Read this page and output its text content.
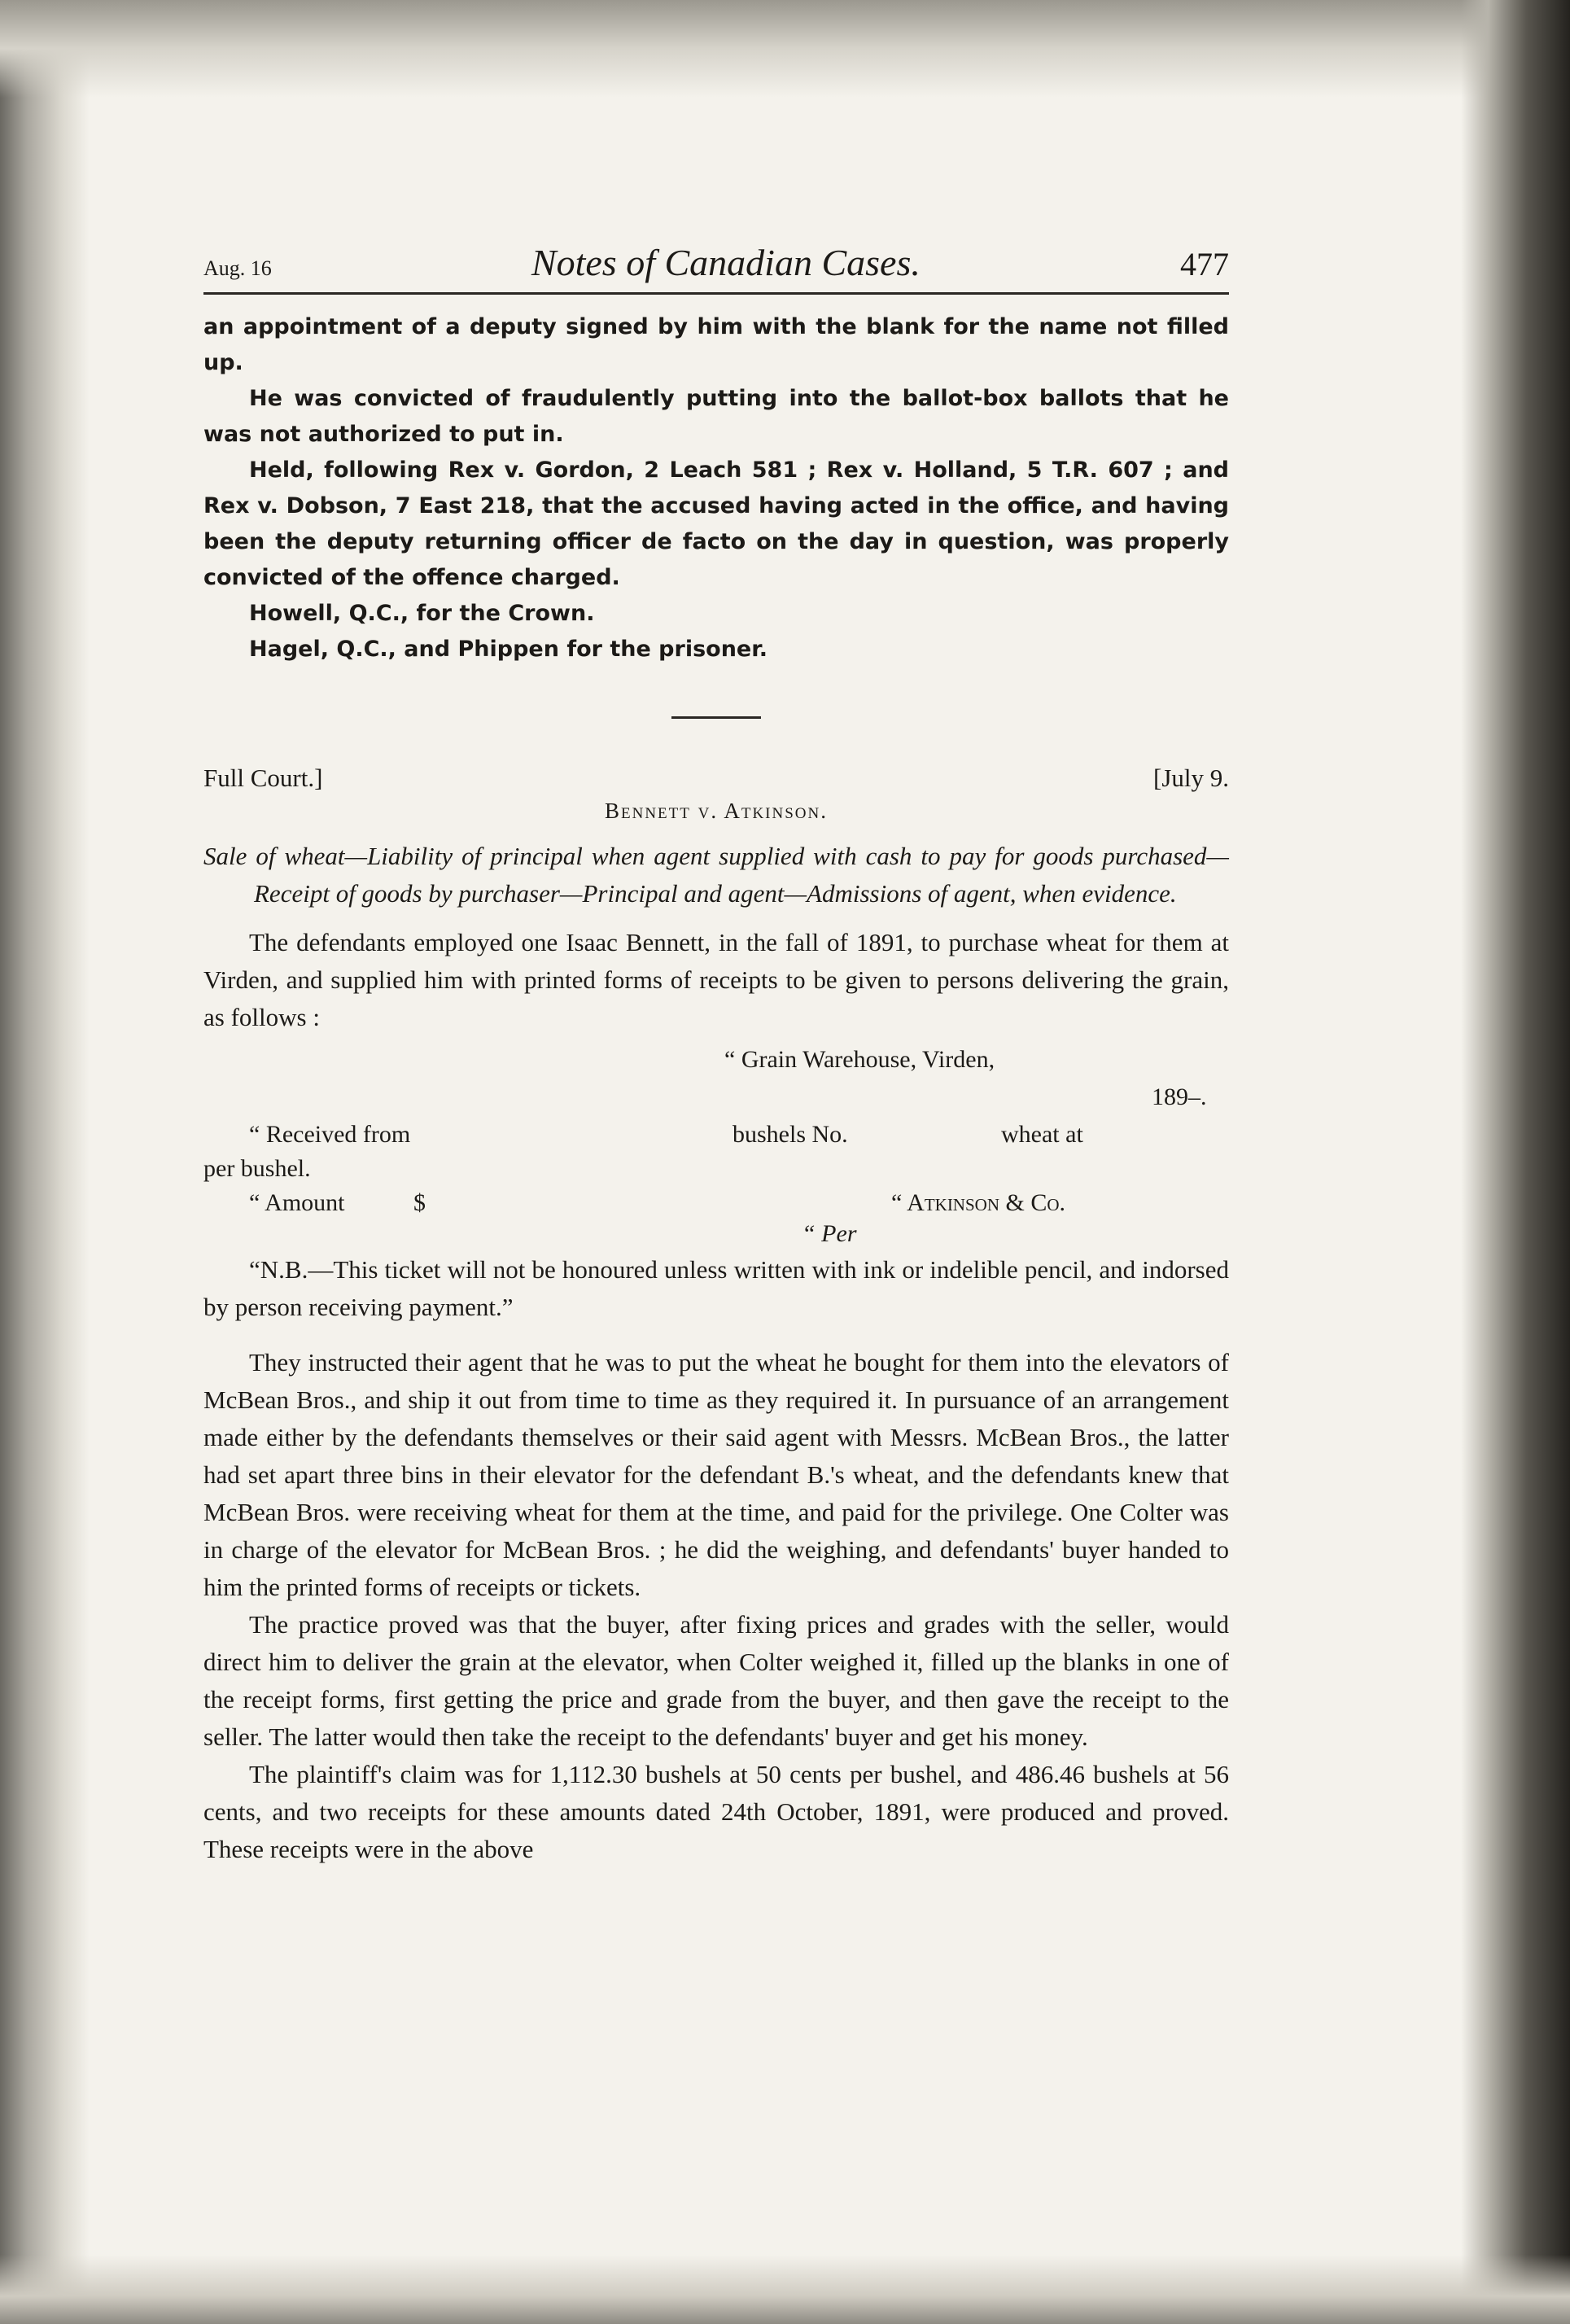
Aug. 16	Notes of Canadian Cases.	477

an appointment of a deputy signed by him with the blank for the name not filled up.

He was convicted of fraudulently putting into the ballot-box ballots that he was not authorized to put in.

Held, following Rex v. Gordon, 2 Leach 581 ; Rex v. Holland, 5 T.R. 607 ; and Rex v. Dobson, 7 East 218, that the accused having acted in the office, and having been the deputy returning officer de facto on the day in question, was properly convicted of the offence charged.

Howell, Q.C., for the Crown.

Hagel, Q.C., and Phippen for the prisoner.

Full Court.]	[July 9.
Bennett v. Atkinson.

Sale of wheat—Liability of principal when agent supplied with cash to pay for goods purchased—Receipt of goods by purchaser—Principal and agent—Admissions of agent, when evidence.

The defendants employed one Isaac Bennett, in the fall of 1891, to purchase wheat for them at Virden, and supplied him with printed forms of receipts to be given to persons delivering the grain, as follows :

“ Grain Warehouse, Virden,
189–.
“ Received from	bushels No.	wheat at
per bushel.
“ Amount	$	“ Atkinson & Co.
“ Per

“N.B.—This ticket will not be honoured unless written with ink or indelible pencil, and indorsed by person receiving payment.”

They instructed their agent that he was to put the wheat he bought for them into the elevators of McBean Bros., and ship it out from time to time as they required it. In pursuance of an arrangement made either by the defendants themselves or their said agent with Messrs. McBean Bros., the latter had set apart three bins in their elevator for the defendant B.'s wheat, and the defendants knew that McBean Bros. were receiving wheat for them at the time, and paid for the privilege. One Colter was in charge of the elevator for McBean Bros. ; he did the weighing, and defendants' buyer handed to him the printed forms of receipts or tickets.

The practice proved was that the buyer, after fixing prices and grades with the seller, would direct him to deliver the grain at the elevator, when Colter weighed it, filled up the blanks in one of the receipt forms, first getting the price and grade from the buyer, and then gave the receipt to the seller. The latter would then take the receipt to the defendants' buyer and get his money.

The plaintiff's claim was for 1,112.30 bushels at 50 cents per bushel, and 486.46 bushels at 56 cents, and two receipts for these amounts dated 24th October, 1891, were produced and proved. These receipts were in the above
